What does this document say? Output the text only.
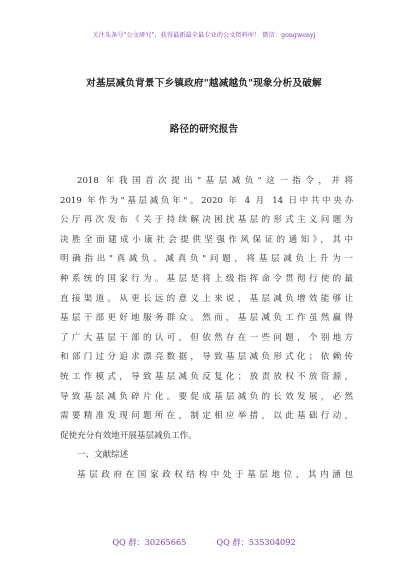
关注头条号"公文研究"，获得最新最全最专业的公文资料库！ 微信：gongwenyj
对基层减负背景下乡镇政府"越减越负"现象分析及破解
路径的研究报告
2018 年我国首次提出"基层减负"这一指令，并将
2019 年作为"基层减负年"。2020 年 4 月 14 日中共中央办
公厅再次发布《关于持续解决困扰基层的形式主义问题为
决胜全面建成小康社会提供坚强作风保证的通知》，其中
明确指出"真减负、减真负"问题，将基层减负上升为一
种系统的国家行为。基层是将上级指挥命令贯彻行使的最
直接渠道。从更长远的意义上来说，基层减负增效能够让
基层干部更好地服务群众。然而，基层减负工作虽然赢得
了广大基层干部的认可，但依然存在一些问题，个别地方
和部门过分追求漂亮数据，导致基层减负形式化；依赖传
统工作模式，导致基层减负反复化；放责放权不放资源，
导致基层减负碎片化。要促成基层减负的长效发展，必然
需要精准发现问题所在，制定相应举措，以此基础行动，
促使充分有效地开展基层减负工作。
一、文献综述
基层政府在国家政权结构中处于基层地位，其内涵包
QQ 群：30265665	QQ 群：535304092
